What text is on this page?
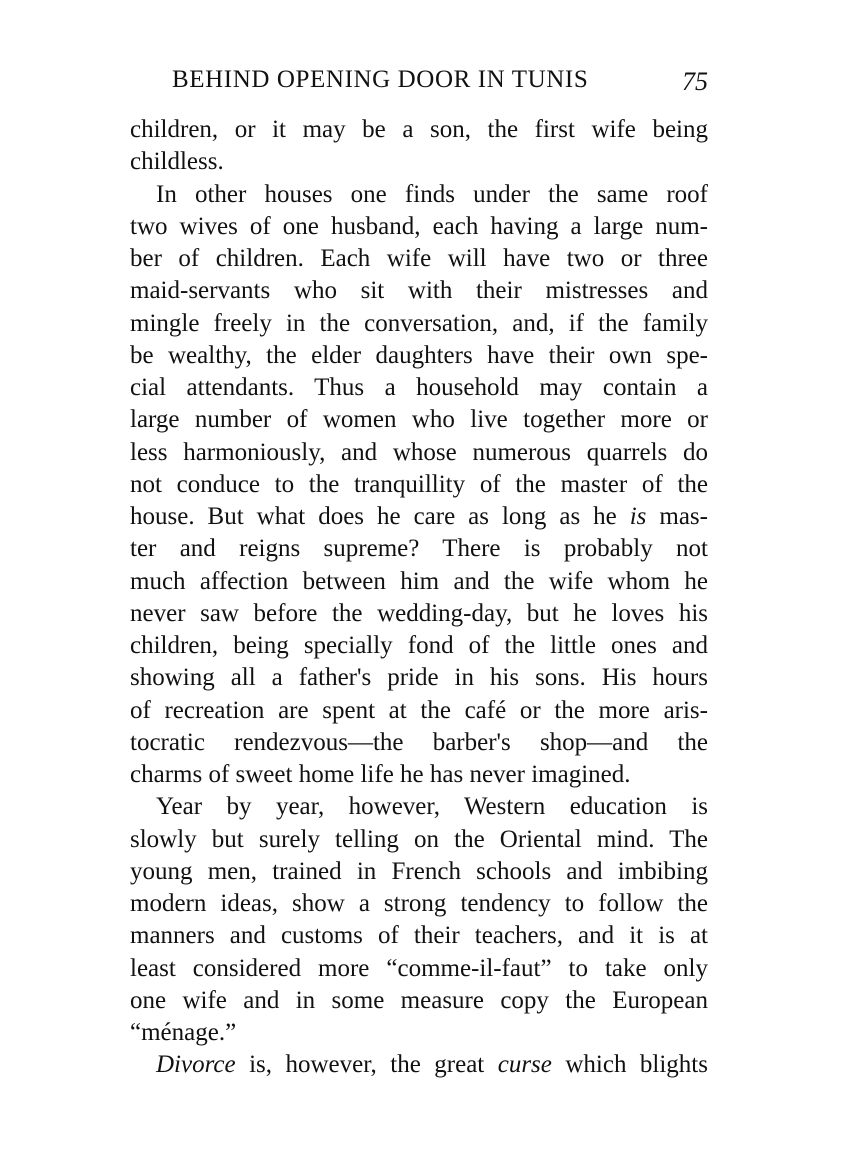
BEHIND OPENING DOOR IN TUNIS	75
children, or it may be a son, the first wife being
childless.
In other houses one finds under the same roof
two wives of one husband, each having a large num-
ber of children. Each wife will have two or three
maid-servants who sit with their mistresses and
mingle freely in the conversation, and, if the family
be wealthy, the elder daughters have their own spe-
cial attendants. Thus a household may contain a
large number of women who live together more or
less harmoniously, and whose numerous quarrels do
not conduce to the tranquillity of the master of the
house. But what does he care as long as he is mas-
ter and reigns supreme? There is probably not
much affection between him and the wife whom he
never saw before the wedding-day, but he loves his
children, being specially fond of the little ones and
showing all a father's pride in his sons. His hours
of recreation are spent at the café or the more aris-
tocratic rendezvous—the barber's shop—and the
charms of sweet home life he has never imagined.
Year by year, however, Western education is
slowly but surely telling on the Oriental mind. The
young men, trained in French schools and imbibing
modern ideas, show a strong tendency to follow the
manners and customs of their teachers, and it is at
least considered more “comme-il-faut” to take only
one wife and in some measure copy the European
“ménage.”
Divorce is, however, the great curse which blights
